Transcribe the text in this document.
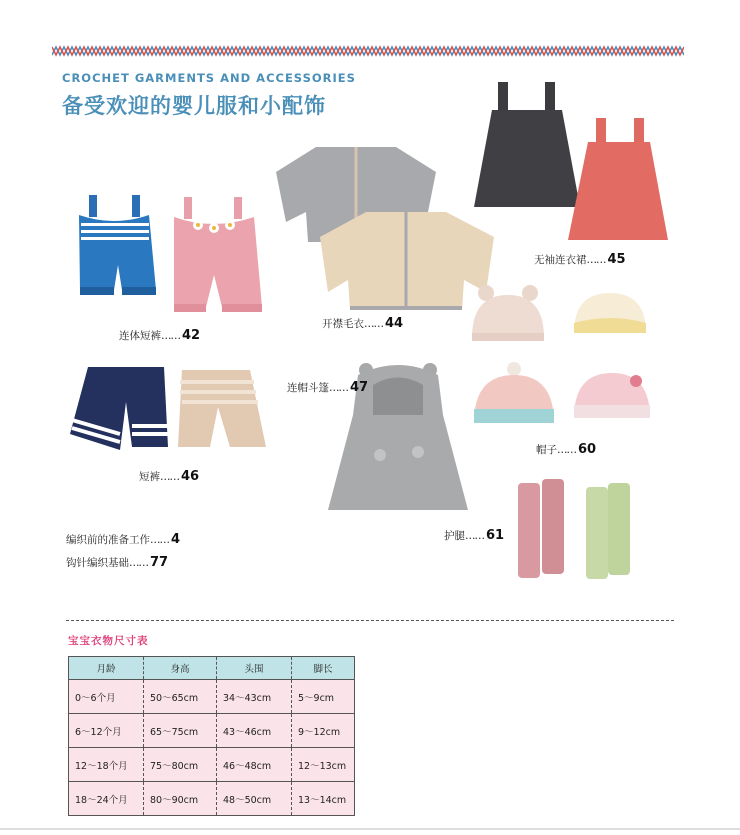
CROCHET GARMENTS AND ACCESSORIES
备受欢迎的婴儿服和小配饰
连体短裤…… 42
开襟毛衣…… 44
无袖连衣裙…… 45
短裤…… 46
连帽斗篷…… 47
帽子…… 60
护腿…… 61
编织前的准备工作…… 4
钩针编织基础…… 77
宝宝衣物尺寸表
月龄	身高	头围	脚长
0～6个月	50～65cm	34～43cm	5～9cm
6～12个月	65～75cm	43～46cm	9～12cm
12～18个月	75～80cm	46～48cm	12～13cm
18～24个月	80～90cm	48～50cm	13～14cm
